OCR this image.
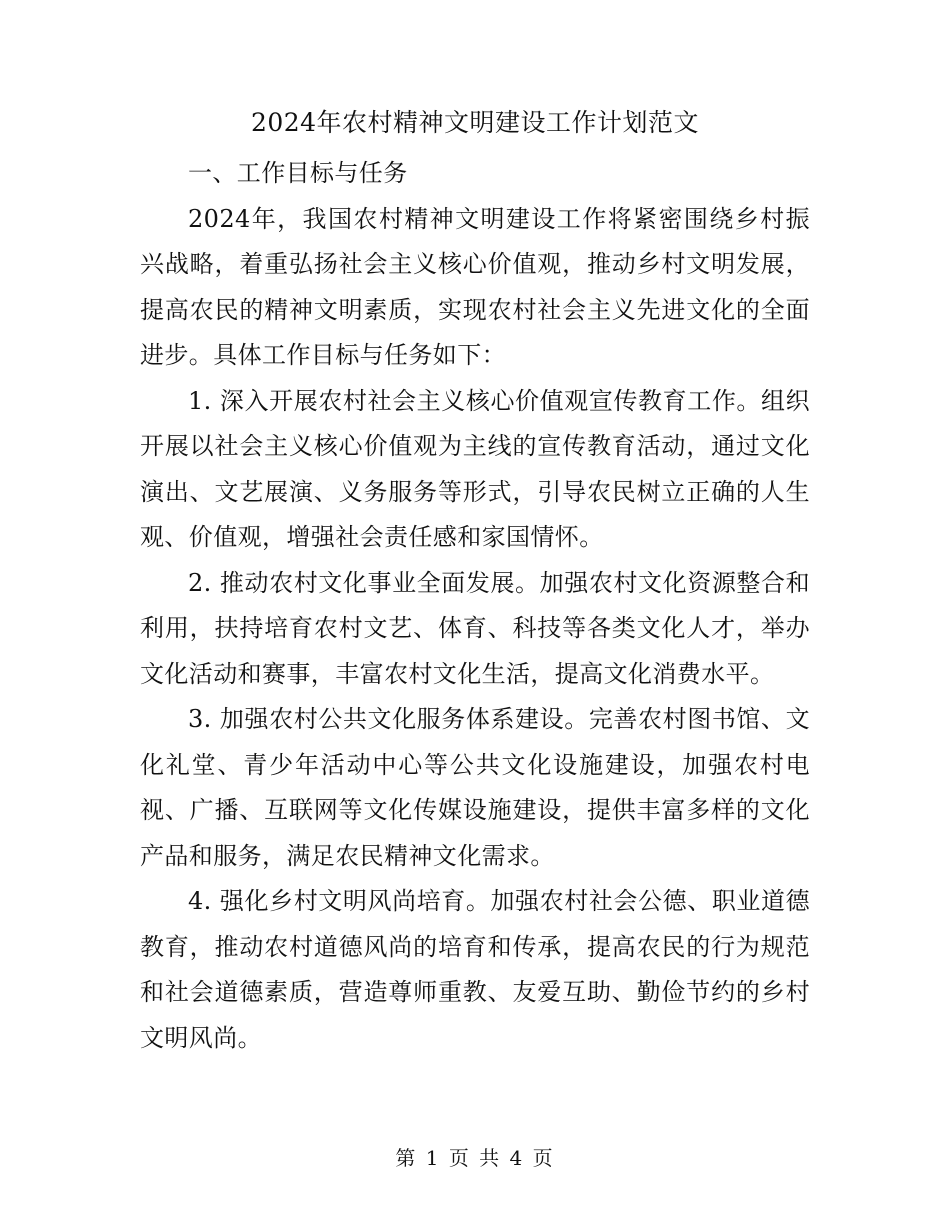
2024年农村精神文明建设工作计划范文

一、工作目标与任务

2024年，我国农村精神文明建设工作将紧密围绕乡村振兴战略，着重弘扬社会主义核心价值观，推动乡村文明发展，提高农民的精神文明素质，实现农村社会主义先进文化的全面进步。具体工作目标与任务如下：

1. 深入开展农村社会主义核心价值观宣传教育工作。组织开展以社会主义核心价值观为主线的宣传教育活动，通过文化演出、文艺展演、义务服务等形式，引导农民树立正确的人生观、价值观，增强社会责任感和家国情怀。

2. 推动农村文化事业全面发展。加强农村文化资源整合和利用，扶持培育农村文艺、体育、科技等各类文化人才，举办文化活动和赛事，丰富农村文化生活，提高文化消费水平。

3. 加强农村公共文化服务体系建设。完善农村图书馆、文化礼堂、青少年活动中心等公共文化设施建设，加强农村电视、广播、互联网等文化传媒设施建设，提供丰富多样的文化产品和服务，满足农民精神文化需求。

4. 强化乡村文明风尚培育。加强农村社会公德、职业道德教育，推动农村道德风尚的培育和传承，提高农民的行为规范和社会道德素质，营造尊师重教、友爱互助、勤俭节约的乡村文明风尚。

第 1 页 共 4 页
